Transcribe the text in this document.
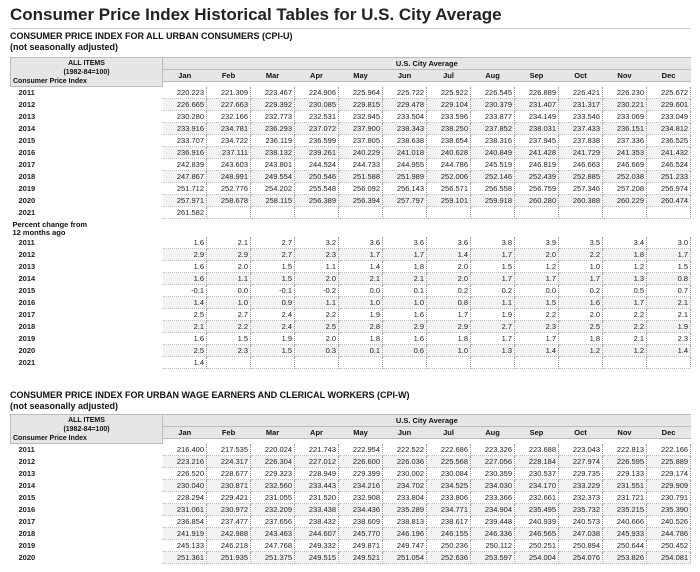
Consumer Price Index Historical Tables for U.S. City Average
CONSUMER PRICE INDEX FOR ALL URBAN CONSUMERS (CPI-U)
(not seasonally adjusted)
ALL ITEMS
(1982-84=100)
Consumer Price Index	U.S. City Average											
	Jan	Feb	Mar	Apr	May	Jun	Jul	Aug	Sep	Oct	Nov	Dec

2011	220.223	221.309	223.467	224.906	225.964	225.722	225.922	226.545	226.889	226.421	226.230	225.672
2012	226.665	227.663	229.392	230.085	229.815	229.478	229.104	230.379	231.407	231.317	230.221	229.601
2013	230.280	232.166	232.773	232.531	232.945	233.504	233.596	233.877	234.149	233.546	233.069	233.049
2014	233.916	234.781	236.293	237.072	237.900	238.343	238.250	237.852	238.031	237.433	236.151	234.812
2015	233.707	234.722	236.119	236.599	237.805	238.638	238.654	238.316	237.945	237.838	237.336	236.525
2016	236.916	237.111	238.132	239.261	240.229	241.018	240.628	240.849	241.428	241.729	241.353	241.432
2017	242.839	243.603	243.801	244.524	244.733	244.955	244.786	245.519	246.819	246.663	246.669	246.524
2018	247.867	248.991	249.554	250.546	251.588	251.989	252.006	252.146	252.439	252.885	252.038	251.233
2019	251.712	252.776	254.202	255.548	256.092	256.143	256.571	256.558	256.759	257.346	257.208	256.974
2020	257.971	258.678	258.115	256.389	256.394	257.797	259.101	259.918	260.280	260.388	260.229	260.474
2021	261.582											

Percent change from
12 months ago												

2011	1.6	2.1	2.7	3.2	3.6	3.6	3.6	3.8	3.9	3.5	3.4	3.0
2012	2.9	2.9	2.7	2.3	1.7	1.7	1.4	1.7	2.0	2.2	1.8	1.7
2013	1.6	2.0	1.5	1.1	1.4	1.8	2.0	1.5	1.2	1.0	1.2	1.5
2014	1.6	1.1	1.5	2.0	2.1	2.1	2.0	1.7	1.7	1.7	1.3	0.8
2015	-0.1	0.0	-0.1	-0.2	0.0	0.1	0.2	0.2	0.0	0.2	0.5	0.7
2016	1.4	1.0	0.9	1.1	1.0	1.0	0.8	1.1	1.5	1.6	1.7	2.1
2017	2.5	2.7	2.4	2.2	1.9	1.6	1.7	1.9	2.2	2.0	2.2	2.1
2018	2.1	2.2	2.4	2.5	2.8	2.9	2.9	2.7	2.3	2.5	2.2	1.9
2019	1.6	1.5	1.9	2.0	1.8	1.6	1.8	1.7	1.7	1.8	2.1	2.3
2020	2.5	2.3	1.5	0.3	0.1	0.6	1.0	1.3	1.4	1.2	1.2	1.4
2021	1.4											
CONSUMER PRICE INDEX FOR URBAN WAGE EARNERS AND CLERICAL WORKERS (CPI-W)
(not seasonally adjusted)
ALL ITEMS
(1982-84=100)
Consumer Price Index	U.S. City Average											
	Jan	Feb	Mar	Apr	May	Jun	Jul	Aug	Sep	Oct	Nov	Dec

2011	216.400	217.535	220.024	221.743	222.954	222.522	222.686	223.326	223.688	223.043	222.813	222.166
2012	223.216	224.317	226.304	227.012	226.600	226.036	225.568	227.056	228.184	227.974	226.595	225.889
2013	226.520	228.677	229.323	228.949	229.399	230.002	230.084	230.359	230.537	229.735	229.133	229.174
2014	230.040	230.871	232.560	233.443	234.216	234.702	234.525	234.030	234.170	233.229	231.551	229.909
2015	228.294	229.421	231.055	231.520	232.908	233.804	233.806	233.366	232.661	232.373	231.721	230.791
2016	231.061	230.972	232.209	233.438	234.436	235.289	234.771	234.904	235.495	235.732	235.215	235.390
2017	236.854	237.477	237.656	238.432	238.609	238.813	238.617	239.448	240.939	240.573	240.666	240.526
2018	241.919	242.988	243.463	244.607	245.770	246.196	246.155	246.336	246.565	247.038	245.933	244.786
2019	245.133	246.218	247.768	249.332	249.871	249.747	250.236	250.112	250.251	250.894	250.644	250.452
2020	251.361	251.935	251.375	249.515	249.521	251.054	252.636	253.597	254.004	254.076	253.826	254.081
